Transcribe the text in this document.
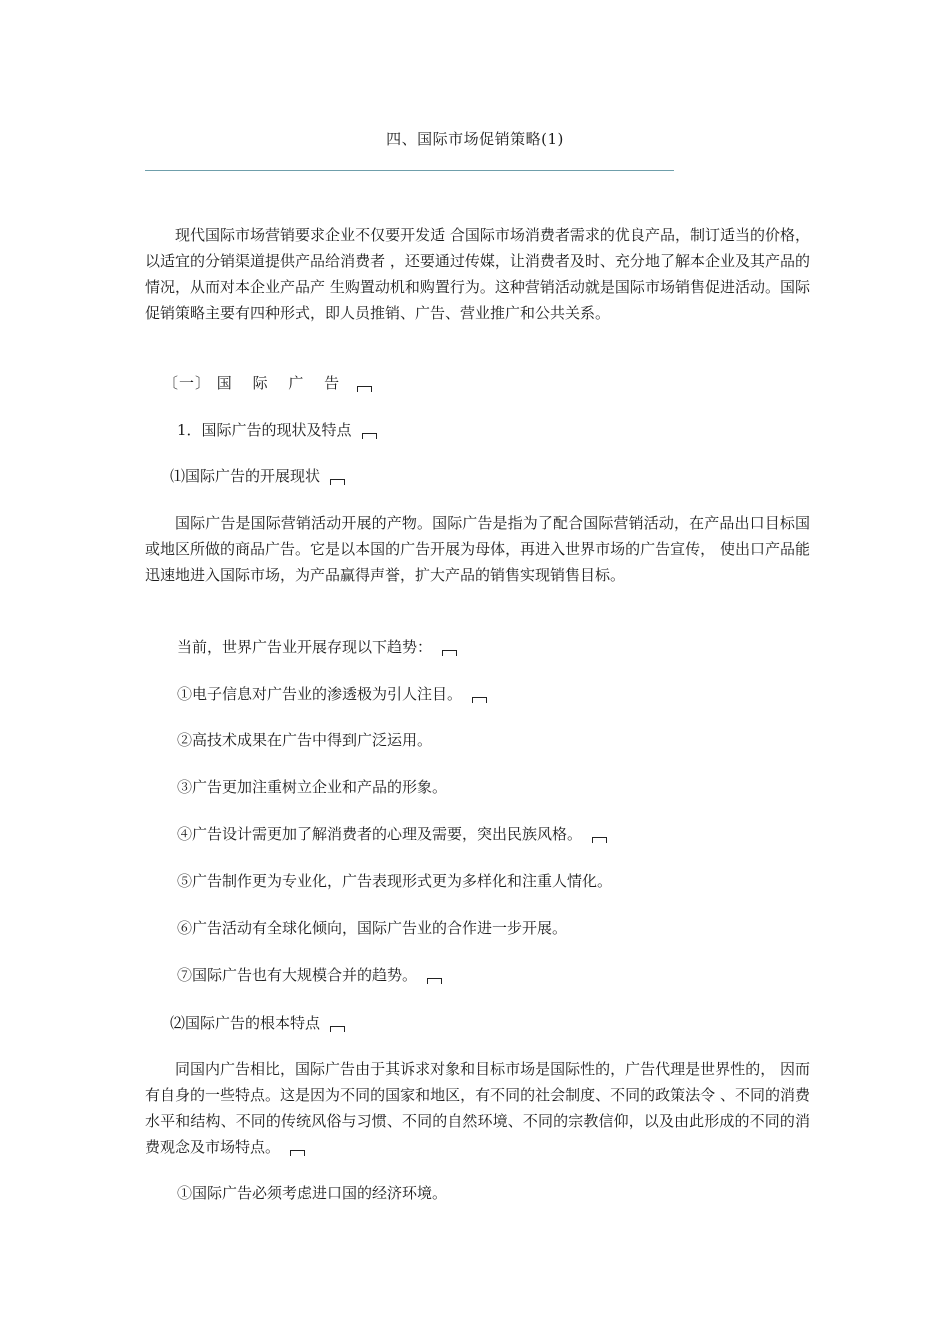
四、国际市场促销策略(1)

现代国际市场营销要求企业不仅要开发适 合国际市场消费者需求的优良产品，制订适当的价格，以适宜的分销渠道提供产品给消费者 ，还要通过传媒，让消费者及时、充分地了解本企业及其产品的情况，从而对本企业产品产 生购置动机和购置行为。这种营销活动就是国际市场销售促进活动。国际促销策略主要有四种形式，即人员推销、广告、营业推广和公共关系。

〔一〕 国 际 广 告
1．国际广告的现状及特点
⑴国际广告的开展现状

国际广告是国际营销活动开展的产物。国际广告是指为了配合国际营销活动，在产品出口目标国或地区所做的商品广告。它是以本国的广告开展为母体，再进入世界市场的广告宣传， 使出口产品能迅速地进入国际市场，为产品赢得声誉，扩大产品的销售实现销售目标。

当前，世界广告业开展存现以下趋势：
①电子信息对广告业的渗透极为引人注目。
②高技术成果在广告中得到广泛运用。
③广告更加注重树立企业和产品的形象。
④广告设计需更加了解消费者的心理及需要，突出民族风格。
⑤广告制作更为专业化，广告表现形式更为多样化和注重人情化。
⑥广告活动有全球化倾向，国际广告业的合作进一步开展。
⑦国际广告也有大规模合并的趋势。
⑵国际广告的根本特点

同国内广告相比，国际广告由于其诉求对象和目标市场是国际性的，广告代理是世界性的， 因而有自身的一些特点。这是因为不同的国家和地区，有不同的社会制度、不同的政策法令 、不同的消费水平和结构、不同的传统风俗与习惯、不同的自然环境、不同的宗教信仰，以及由此形成的不同的消费观念及市场特点。

①国际广告必须考虑进口国的经济环境。
